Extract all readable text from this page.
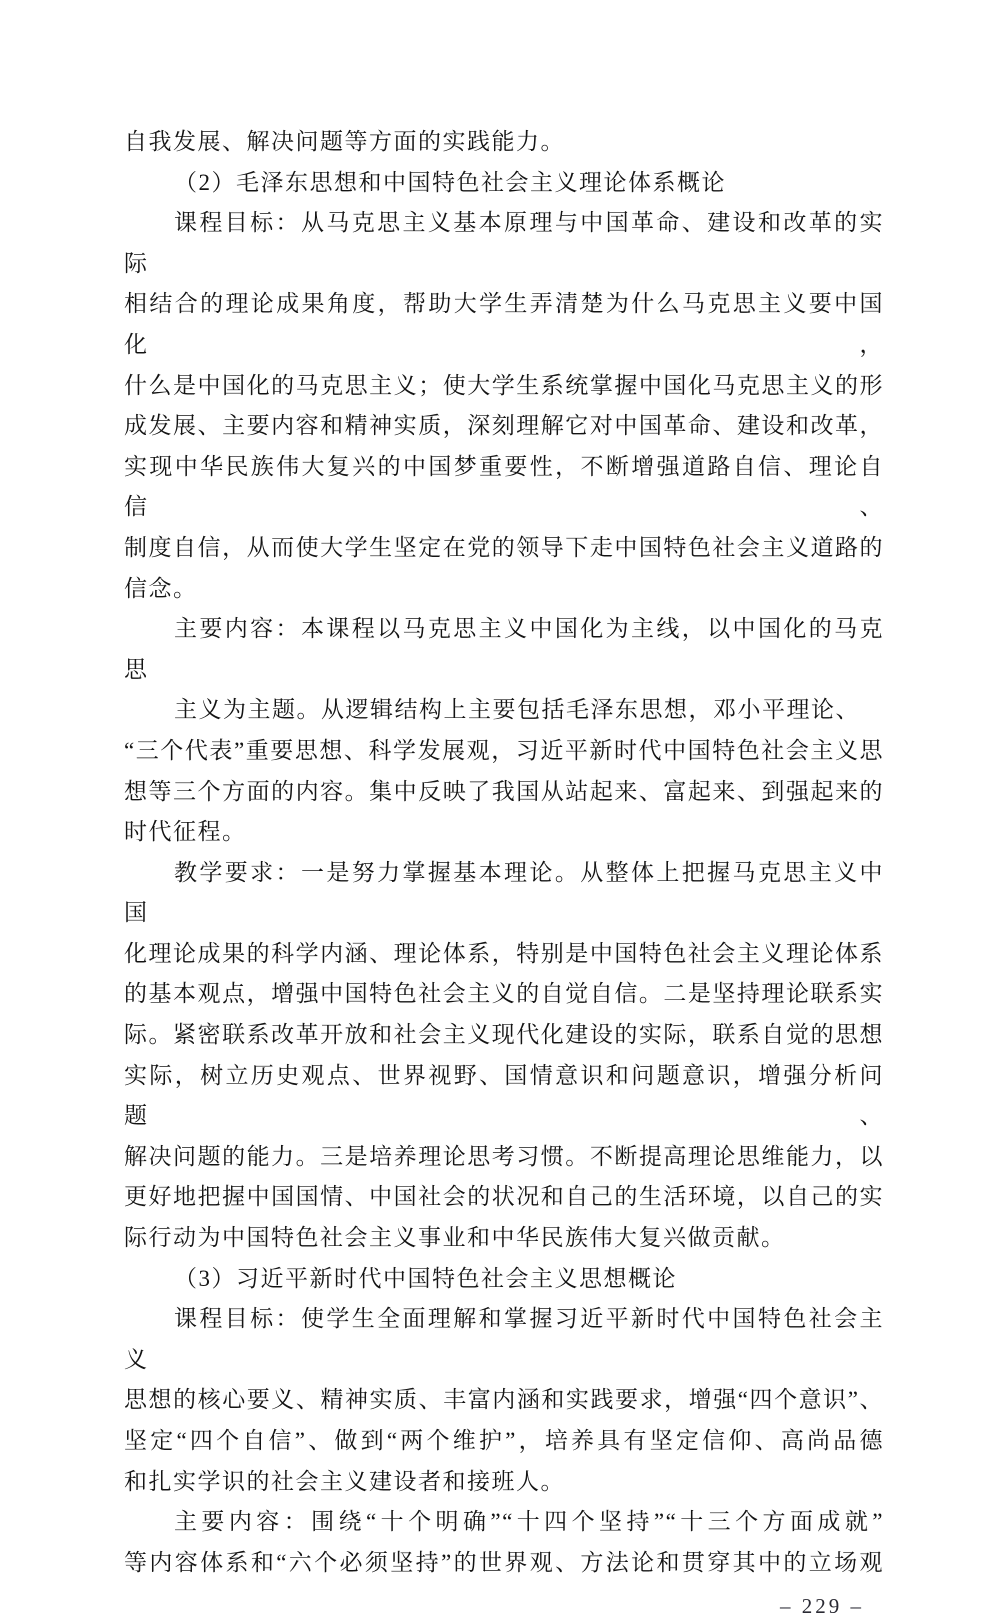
自我发展、解决问题等方面的实践能力。
（2）毛泽东思想和中国特色社会主义理论体系概论
课程目标：从马克思主义基本原理与中国革命、建设和改革的实际
相结合的理论成果角度，帮助大学生弄清楚为什么马克思主义要中国化，
什么是中国化的马克思主义；使大学生系统掌握中国化马克思主义的形
成发展、主要内容和精神实质，深刻理解它对中国革命、建设和改革，
实现中华民族伟大复兴的中国梦重要性，不断增强道路自信、理论自信、
制度自信，从而使大学生坚定在党的领导下走中国特色社会主义道路的
信念。
主要内容：本课程以马克思主义中国化为主线，以中国化的马克思
主义为主题。从逻辑结构上主要包括毛泽东思想，邓小平理论、
“三个代表”重要思想、科学发展观，习近平新时代中国特色社会主义思
想等三个方面的内容。集中反映了我国从站起来、富起来、到强起来的
时代征程。
教学要求：一是努力掌握基本理论。从整体上把握马克思主义中国
化理论成果的科学内涵、理论体系，特别是中国特色社会主义理论体系
的基本观点，增强中国特色社会主义的自觉自信。二是坚持理论联系实
际。紧密联系改革开放和社会主义现代化建设的实际，联系自觉的思想
实际，树立历史观点、世界视野、国情意识和问题意识，增强分析问题、
解决问题的能力。三是培养理论思考习惯。不断提高理论思维能力，以
更好地把握中国国情、中国社会的状况和自己的生活环境，以自己的实
际行动为中国特色社会主义事业和中华民族伟大复兴做贡献。
（3）习近平新时代中国特色社会主义思想概论
课程目标：使学生全面理解和掌握习近平新时代中国特色社会主义
思想的核心要义、精神实质、丰富内涵和实践要求，增强“四个意识”、
坚定“四个自信”、做到“两个维护”，培养具有坚定信仰、高尚品德
和扎实学识的社会主义建设者和接班人。
主要内容：围绕“十个明确”“十四个坚持”“十三个方面成就”
等内容体系和“六个必须坚持”的世界观、方法论和贯穿其中的立场观
– 229 –
